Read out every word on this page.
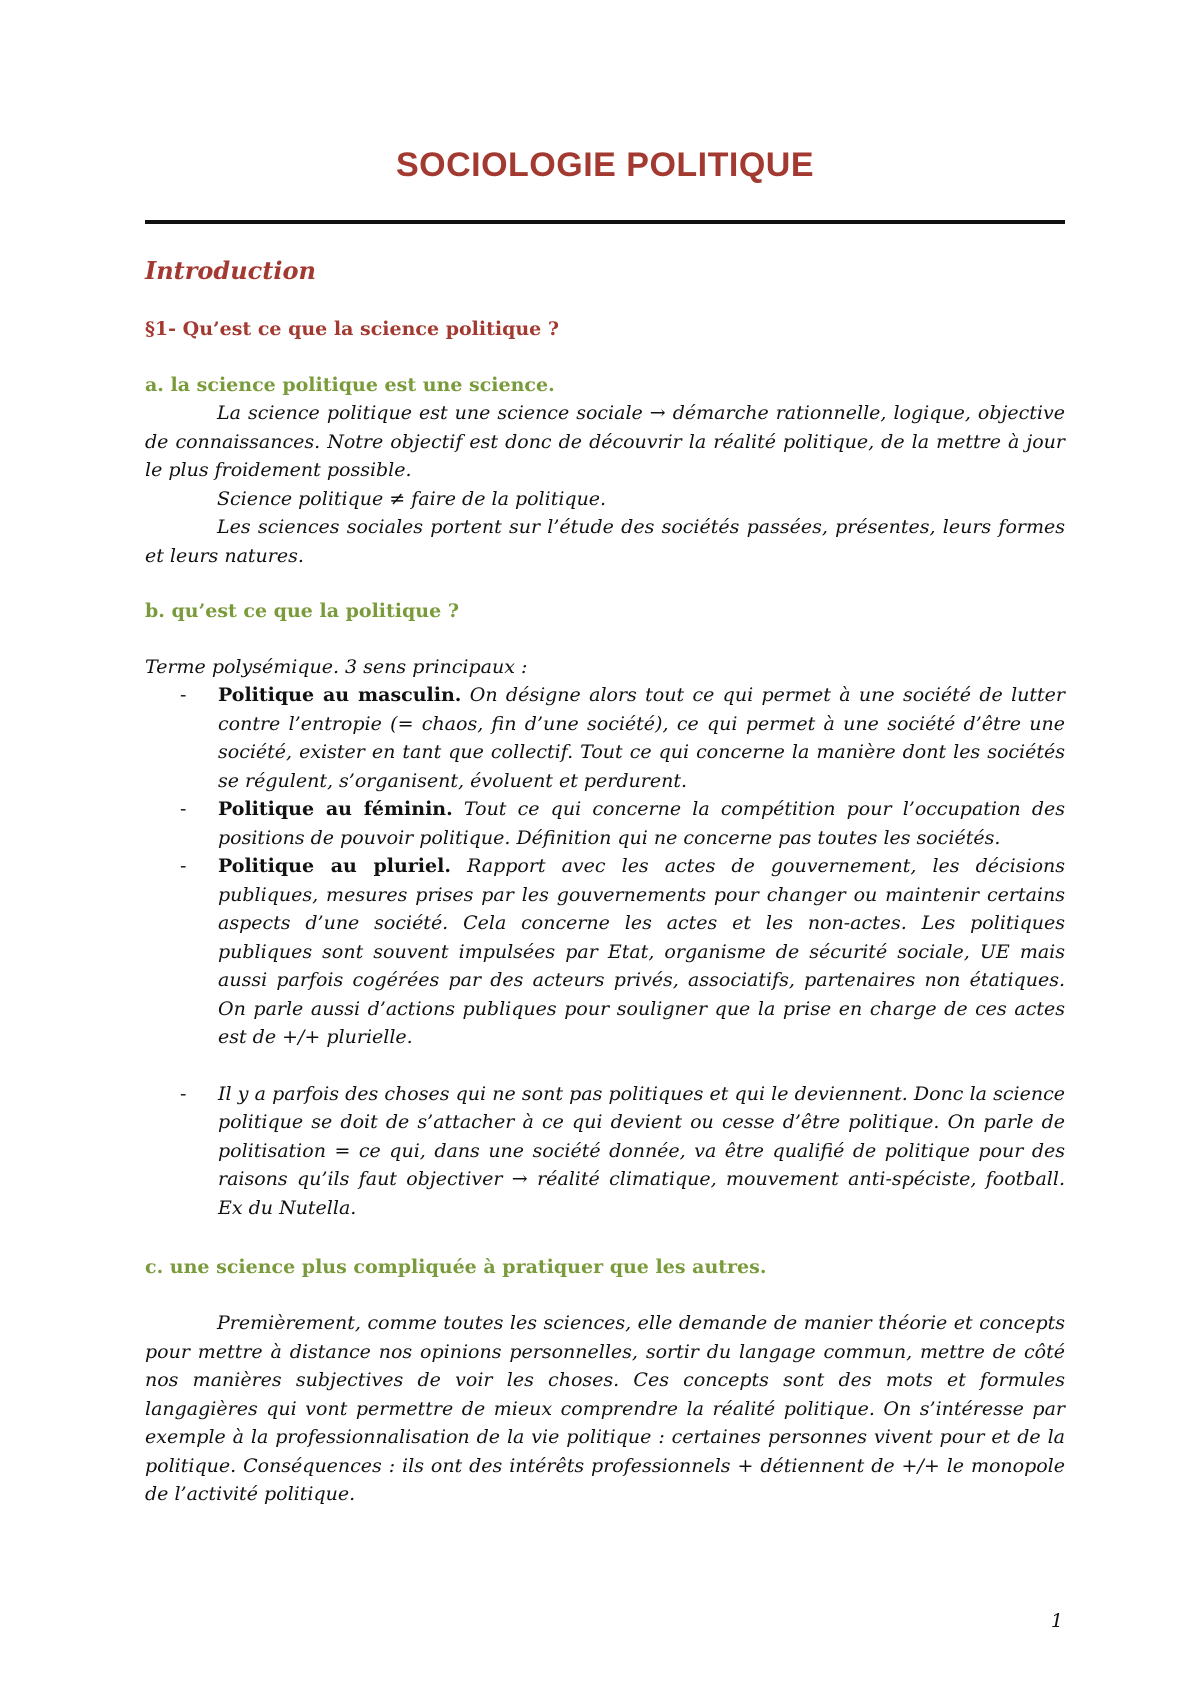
SOCIOLOGIE POLITIQUE
Introduction
§1- Qu’est ce que la science politique ?
a. la science politique est une science.

La science politique est une science sociale → démarche rationnelle, logique, objective de connaissances. Notre objectif est donc de découvrir la réalité politique, de la mettre à jour le plus froidement possible.

Science politique ≠ faire de la politique.

Les sciences sociales portent sur l’étude des sociétés passées, présentes, leurs formes et leurs natures.

b. qu’est ce que la politique ?

Terme polysémique. 3 sens principaux :

- Politique au masculin. On désigne alors tout ce qui permet à une société de lutter contre l’entropie (= chaos, fin d’une société), ce qui permet à une société d’être une société, exister en tant que collectif. Tout ce qui concerne la manière dont les sociétés se régulent, s’organisent, évoluent et perdurent.
- Politique au féminin. Tout ce qui concerne la compétition pour l’occupation des positions de pouvoir politique. Définition qui ne concerne pas toutes les sociétés.
- Politique au pluriel. Rapport avec les actes de gouvernement, les décisions publiques, mesures prises par les gouvernements pour changer ou maintenir certains aspects d’une société. Cela concerne les actes et les non-actes. Les politiques publiques sont souvent impulsées par Etat, organisme de sécurité sociale, UE mais aussi parfois cogérées par des acteurs privés, associatifs, partenaires non étatiques. On parle aussi d’actions publiques pour souligner que la prise en charge de ces actes est de +/+ plurielle.
- Il y a parfois des choses qui ne sont pas politiques et qui le deviennent. Donc la science politique se doit de s’attacher à ce qui devient ou cesse d’être politique. On parle de politisation = ce qui, dans une société donnée, va être qualifié de politique pour des raisons qu’ils faut objectiver → réalité climatique, mouvement anti-spéciste, football. Ex du Nutella.
c. une science plus compliquée à pratiquer que les autres.

Premièrement, comme toutes les sciences, elle demande de manier théorie et concepts pour mettre à distance nos opinions personnelles, sortir du langage commun, mettre de côté nos manières subjectives de voir les choses. Ces concepts sont des mots et formules langagières qui vont permettre de mieux comprendre la réalité politique. On s’intéresse par exemple à la professionnalisation de la vie politique : certaines personnes vivent pour et de la politique. Conséquences : ils ont des intérêts professionnels + détiennent de +/+ le monopole de l’activité politique.

1
